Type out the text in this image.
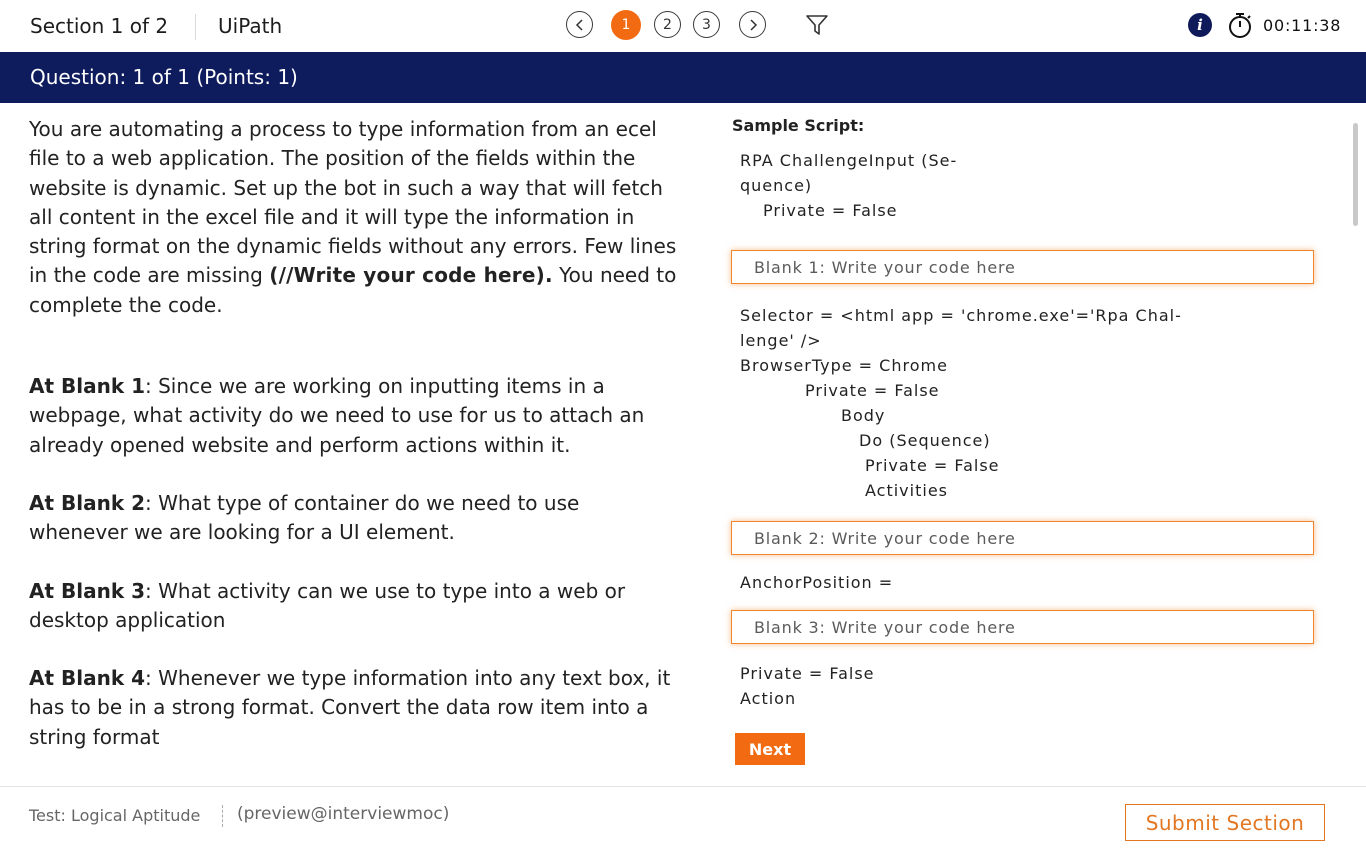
Section 1 of 2 UiPath	1	2	3	i	00:11:38
Question: 1 of 1 (Points: 1)

You are automating a process to type information from an ecel file to a web application. The position of the fields within the website is dynamic. Set up the bot in such a way that will fetch all content in the excel file and it will type the information in string format on the dynamic fields without any errors. Few lines in the code are missing (//Write your code here). You need to complete the code.

At Blank 1: Since we are working on inputting items in a webpage, what activity do we need to use for us to attach an already opened website and perform actions within it.

At Blank 2: What type of container do we need to use whenever we are looking for a UI element.

At Blank 3: What activity can we use to type into a web or desktop application

At Blank 4: Whenever we type information into any text box, it has to be in a strong format. Convert the data row item into a string format

Sample Script:
RPA ChallengeInput (Se-
quence)
Private = False
Blank 1: Write your code here
Selector = <html app = 'chrome.exe'='Rpa Chal-
lenge' />
BrowserType = Chrome
Private = False
Body
Do (Sequence)
Private = False
Activities
Blank 2: Write your code here
AnchorPosition =
Blank 3: Write your code here
Private = False
Action
Next
Test: Logical Aptitude (preview@interviewmoc)	Submit Section
